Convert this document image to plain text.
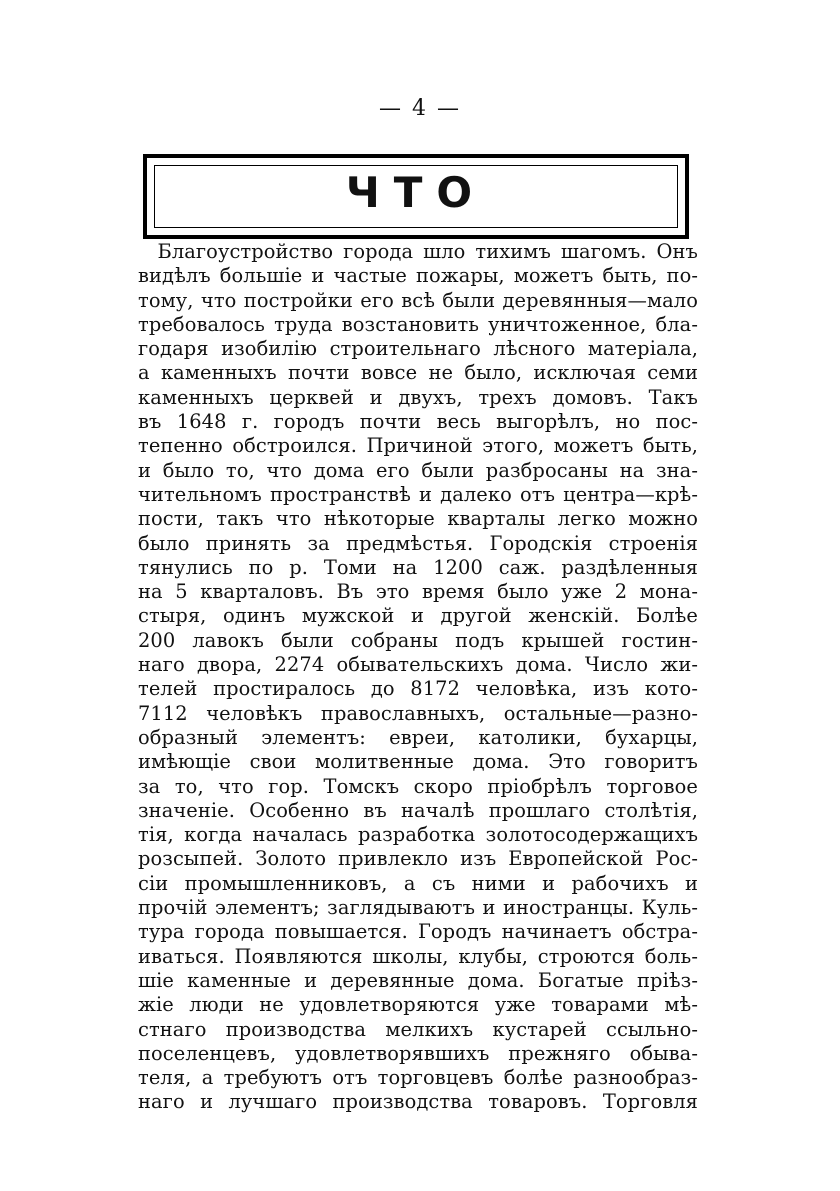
— 4 —
ЧТО
 Благоустройство города шло тихимъ шагомъ. Онъ
видѣлъ большіе и частые пожары, можетъ быть, по-
тому, что постройки его всѣ были деревянныя—мало
требовалось труда возстановить уничтоженное, бла-
годаря изобилію строительнаго лѣсного матеріала,
а каменныхъ почти вовсе не было, исключая семи
каменныхъ церквей и двухъ, трехъ домовъ. Такъ
въ 1648 г. городъ почти весь выгорѣлъ, но пос-
тепенно обстроился. Причиной этого, можетъ быть,
и было то, что дома его были разбросаны на зна-
чительномъ пространствѣ и далеко отъ центра—крѣ-
пости, такъ что нѣкоторые кварталы легко можно
было принять за предмѣстья. Городскія строенія
тянулись по р. Томи на 1200 саж. раздѣленныя
на 5 кварталовъ. Въ это время было уже 2 мона-
стыря, одинъ мужской и другой женскій. Болѣе
200 лавокъ были собраны подъ крышей гостин-
наго двора, 2274 обывательскихъ дома. Число жи-
телей простиралось до 8172 человѣка, изъ кото-
7112 человѣкъ православныхъ, остальные—разно-
образный элементъ: евреи, католики, бухарцы,
имѣющіе свои молитвенные дома. Это говоритъ
за то, что гор. Томскъ скоро пріобрѣлъ торговое
значеніе. Особенно въ началѣ прошлаго столѣтія,
тія, когда началась разработка золотосодержащихъ
розсыпей. Золото привлекло изъ Европейской Рос-
сіи промышленниковъ, а съ ними и рабочихъ и
прочій элементъ; заглядываютъ и иностранцы. Куль-
тура города повышается. Городъ начинаетъ обстра-
иваться. Появляются школы, клубы, строются боль-
шіе каменные и деревянные дома. Богатые пріѣз-
жіе люди не удовлетворяются уже товарами мѣ-
стнаго производства мелкихъ кустарей ссыльно-
поселенцевъ, удовлетворявшихъ прежняго обыва-
теля, а требуютъ отъ торговцевъ болѣе разнообраз-
наго и лучшаго производства товаровъ. Торговля
